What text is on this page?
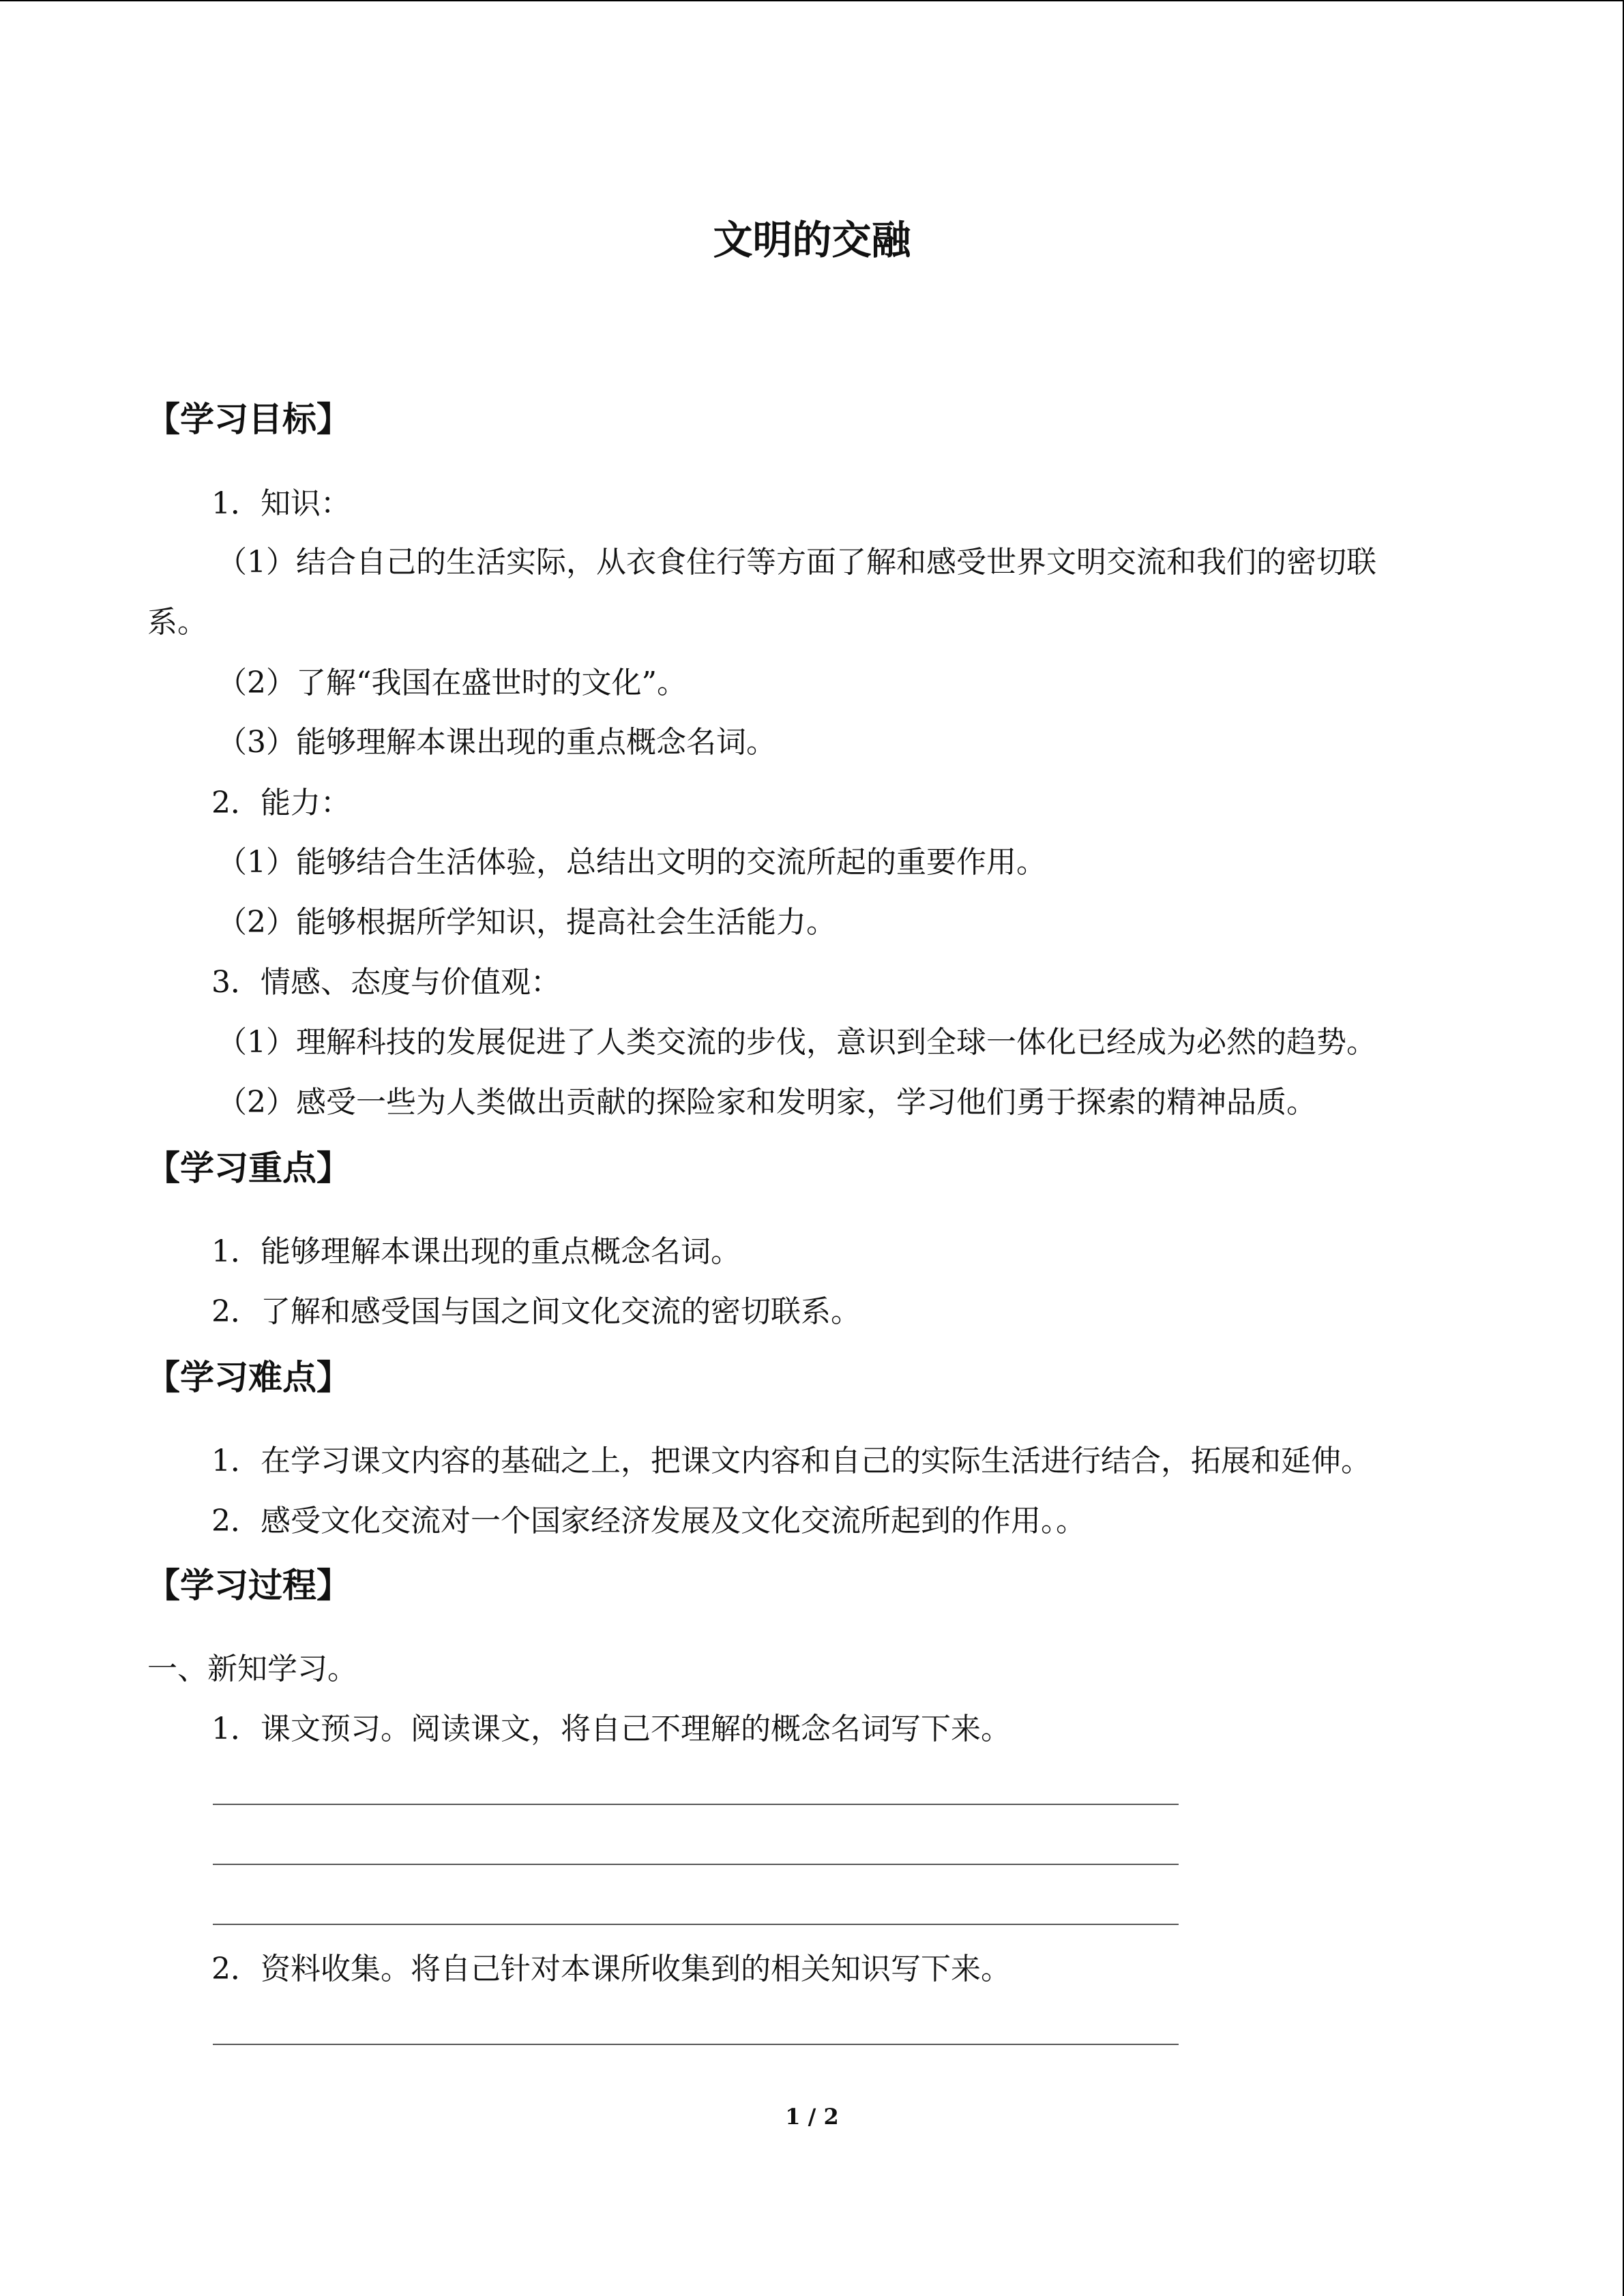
文明的交融
【学习目标】
1．知识：
（1）结合自己的生活实际，从衣食住行等方面了解和感受世界文明交流和我们的密切联
系。
（2）了解“我国在盛世时的文化”。
（3）能够理解本课出现的重点概念名词。
2．能力：
（1）能够结合生活体验，总结出文明的交流所起的重要作用。
（2）能够根据所学知识，提高社会生活能力。
3．情感、态度与价值观：
（1）理解科技的发展促进了人类交流的步伐，意识到全球一体化已经成为必然的趋势。
（2）感受一些为人类做出贡献的探险家和发明家，学习他们勇于探索的精神品质。
【学习重点】
1．能够理解本课出现的重点概念名词。
2．了解和感受国与国之间文化交流的密切联系。
【学习难点】
1．在学习课文内容的基础之上，把课文内容和自己的实际生活进行结合，拓展和延伸。
2．感受文化交流对一个国家经济发展及文化交流所起到的作用。。
【学习过程】
一、新知学习。
1．课文预习。阅读课文，将自己不理解的概念名词写下来。
2．资料收集。将自己针对本课所收集到的相关知识写下来。
1 / 2
